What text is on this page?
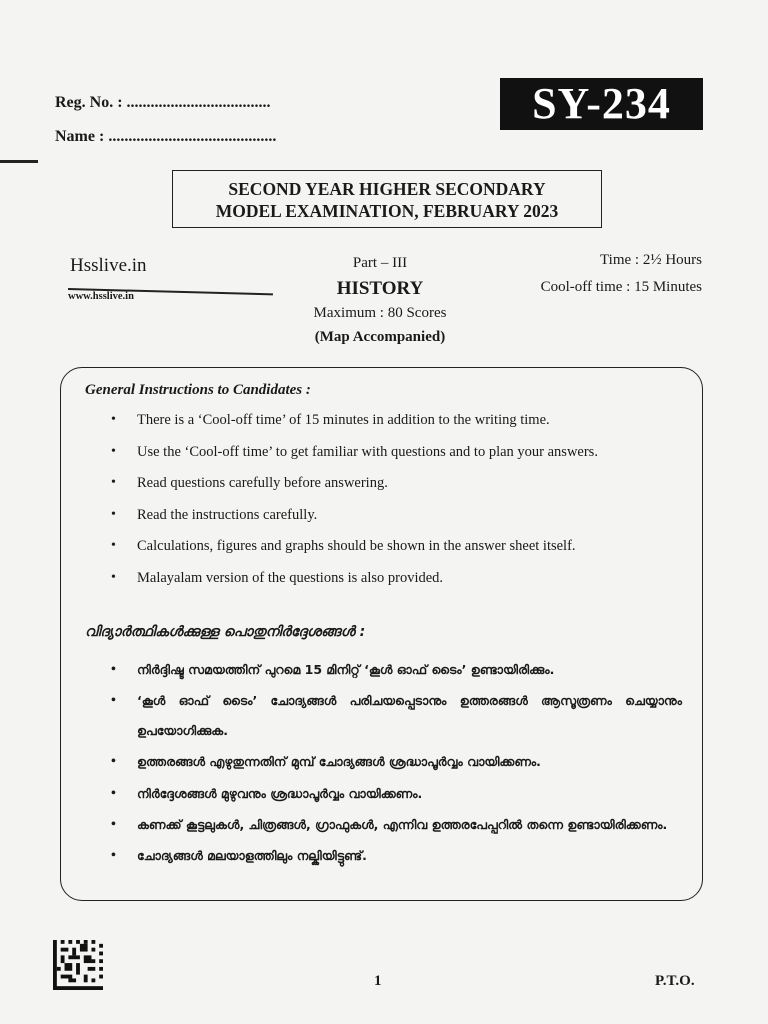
Reg. No. : ....................................
Name : ..........................................
SY-234
SECOND YEAR HIGHER SECONDARY
MODEL EXAMINATION, FEBRUARY 2023
Hsslive.in
www.hsslive.in
Part – III
HISTORY
Maximum : 80 Scores
(Map Accompanied)
Time : 2½ Hours
Cool-off time : 15 Minutes
General Instructions to Candidates :
• There is a ‘Cool-off time’ of 15 minutes in addition to the writing time.
• Use the ‘Cool-off time’ to get familiar with questions and to plan your answers.
• Read questions carefully before answering.
• Read the instructions carefully.
• Calculations, figures and graphs should be shown in the answer sheet itself.
• Malayalam version of the questions is also provided.
വിദ്യാർത്ഥികൾക്കുള്ള പൊതുനിർദ്ദേശങ്ങൾ :
• നിർദ്ദിഷ്ട സമയത്തിന് പുറമെ 15 മിനിറ്റ് ‘കൂൾ ഓഫ് ടൈം’ ഉണ്ടായിരിക്കും.
• ‘കൂൾ ഓഫ് ടൈം’ ചോദ്യങ്ങൾ പരിചയപ്പെടാനും ഉത്തരങ്ങൾ ആസൂത്രണം ചെയ്യാനും ഉപയോഗിക്കുക.
• ഉത്തരങ്ങൾ എഴുതുന്നതിന് മുമ്പ് ചോദ്യങ്ങൾ ശ്രദ്ധാപൂർവ്വം വായിക്കണം.
• നിർദ്ദേശങ്ങൾ മുഴുവനും ശ്രദ്ധാപൂർവ്വം വായിക്കണം.
• കണക്ക് കൂട്ടലുകൾ, ചിത്രങ്ങൾ, ഗ്രാഫുകൾ, എന്നിവ ഉത്തരപേപ്പറിൽ തന്നെ ഉണ്ടായിരിക്കണം.
• ചോദ്യങ്ങൾ മലയാളത്തിലും നല്കിയിട്ടുണ്ട്.
1	P.T.O.
